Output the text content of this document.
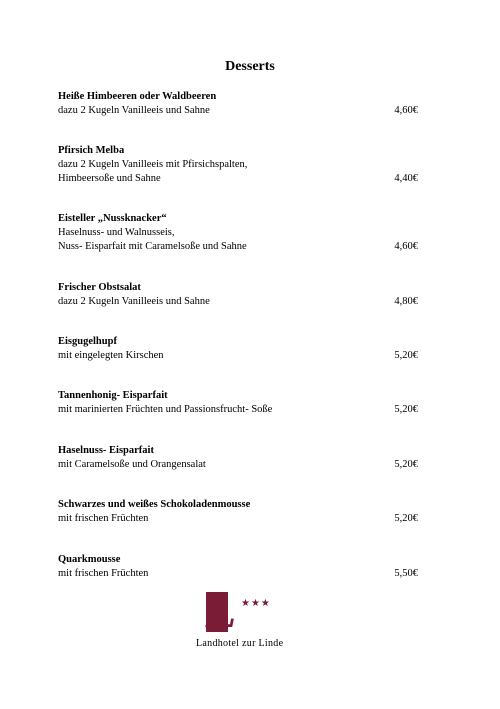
Desserts
Heiße Himbeeren oder Waldbeeren
dazu 2 Kugeln Vanilleeis und Sahne	4,60€
Pfirsich Melba
dazu 2 Kugeln Vanilleeis mit Pfirsichspalten,
Himbeersoße und Sahne	4,40€
Eisteller „Nussknacker“
Haselnuss- und Walnusseis,
Nuss- Eisparfait mit Caramelsoße und Sahne	4,60€
Frischer Obstsalat
dazu 2 Kugeln Vanilleeis und Sahne	4,80€
Eisgugelhupf
mit eingelegten Kirschen	5,20€
Tannenhonig- Eisparfait
mit marinierten Früchten und Passionsfrucht- Soße	5,20€
Haselnuss- Eisparfait
mit Caramelsoße und Orangensalat	5,20€
Schwarzes und weißes Schokoladenmousse
mit frischen Früchten	5,20€
Quarkmousse
mit frischen Früchten	5,50€
L ★★★
Landhotel zur Linde
